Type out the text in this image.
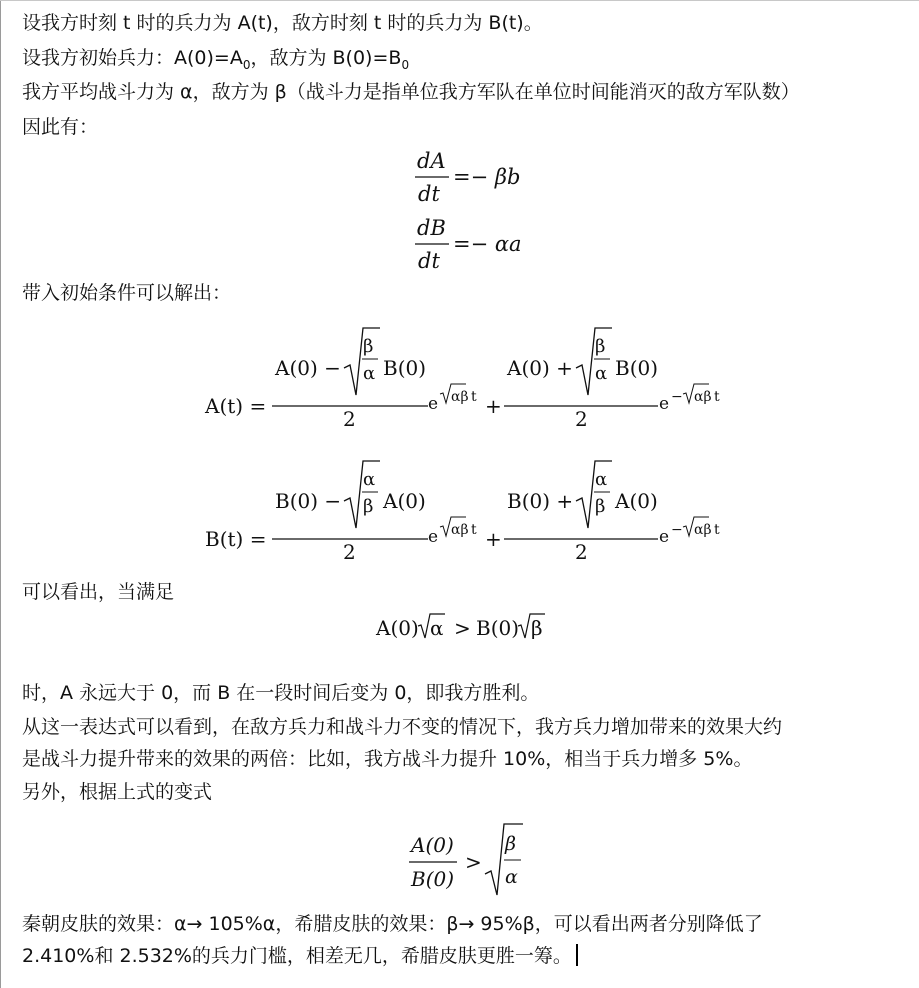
设我方时刻 t 时的兵力为 A(t)，敌方时刻 t 时的兵力为 B(t)。

设我方初始兵力：$A(0)=A_0$，敌方为 $B(0)=B_0$

我方平均战斗力为 α，敌方为 β（战斗力是指单位我方军队在单位时间能消灭的敌方军队数）

因此有：

dA
dt
=− βb
dB
dt
=− αa

带入初始条件可以解出：

A(t) =
A(0) −
β
α B(0)
2
e αβ t +
A(0) +
β
α B(0)
2
e − αβ t
B(t) =
B(0) −
α
β A(0)
2
e αβ t +
B(0) +
α
β A(0)
2
e − αβ t

可以看出，当满足

A(0) α > B(0) β

时，A 永远大于 0，而 B 在一段时间后变为 0，即我方胜利。

从这一表达式可以看到，在敌方兵力和战斗力不变的情况下，我方兵力增加带来的效果大约

是战斗力提升带来的效果的两倍：比如，我方战斗力提升 10%，相当于兵力增多 5%。

另外，根据上式的变式

A(0)
B(0)
>
β
α

秦朝皮肤的效果：α→ 105%α，希腊皮肤的效果：β→ 95%β，可以看出两者分别降低了

2.410%和 2.532%的兵力门槛，相差无几，希腊皮肤更胜一筹。
